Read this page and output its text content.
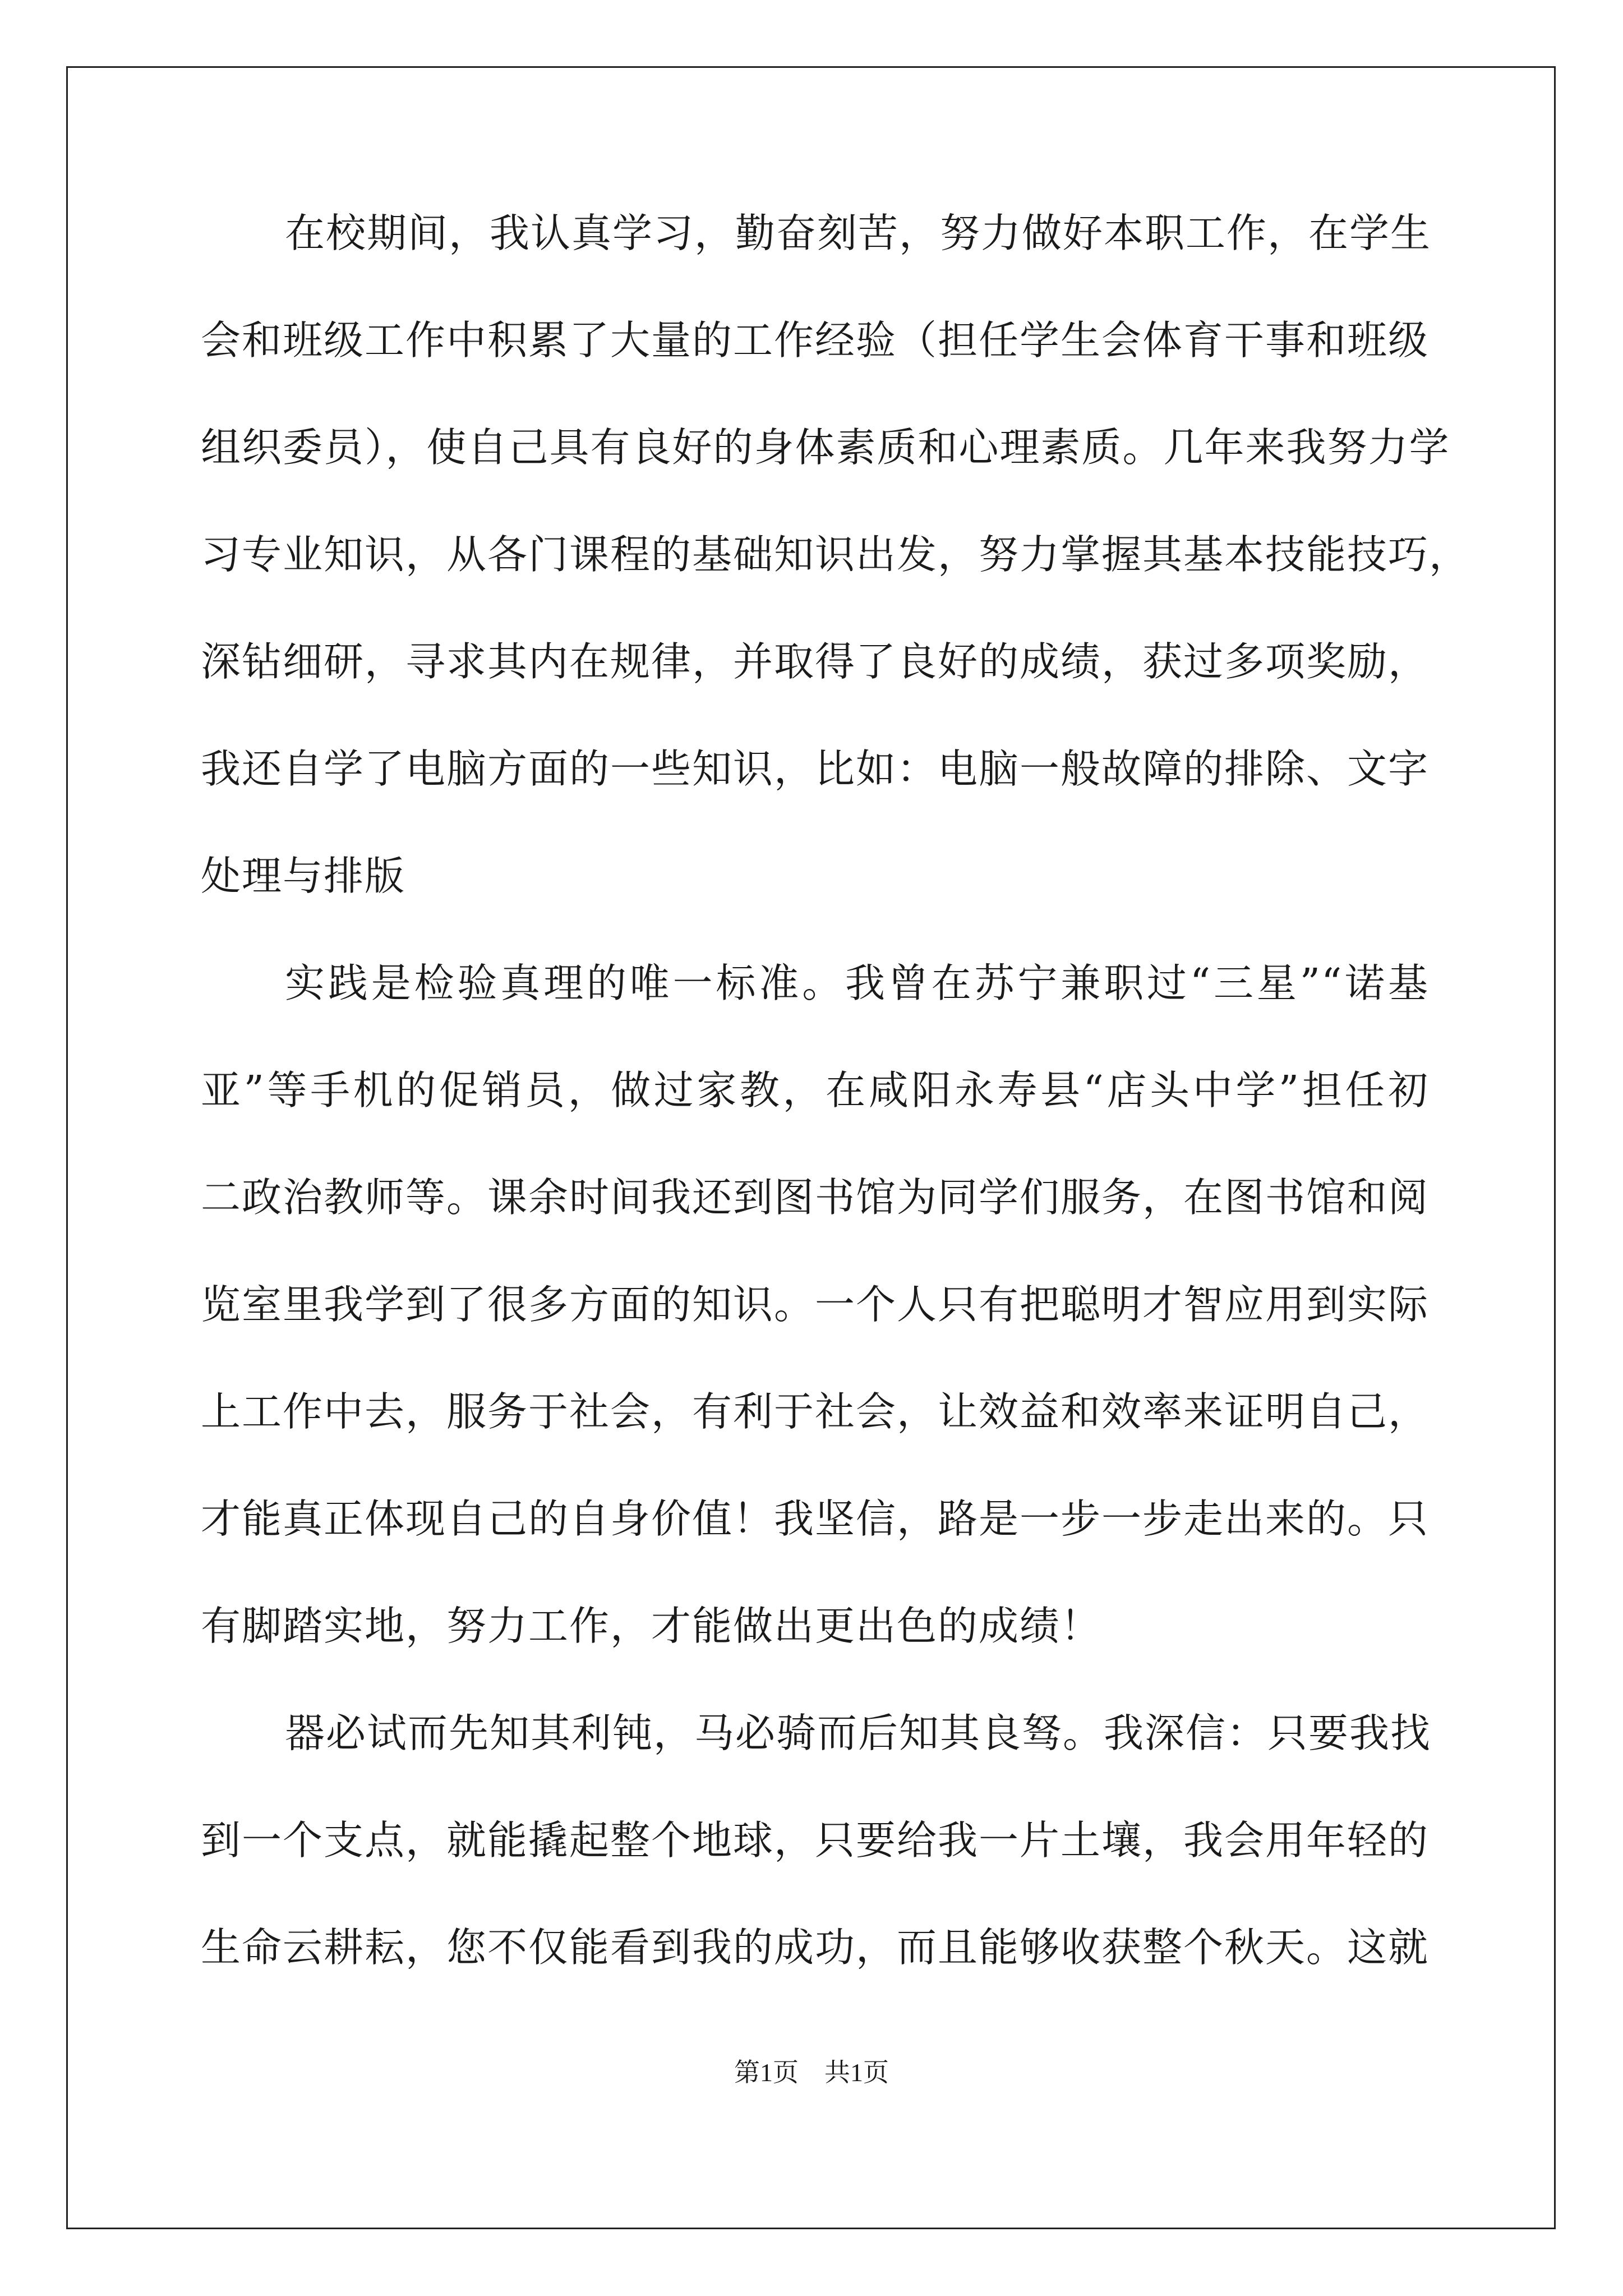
在校期间，我认真学习，勤奋刻苦，努力做好本职工作，在学生
会和班级工作中积累了大量的工作经验（担任学生会体育干事和班级
组织委员），使自己具有良好的身体素质和心理素质。几年来我努力学
习专业知识，从各门课程的基础知识出发，努力掌握其基本技能技巧，
深钻细研，寻求其内在规律，并取得了良好的成绩，获过多项奖励，
我还自学了电脑方面的一些知识，比如：电脑一般故障的排除、文字
处理与排版

实践是检验真理的唯一标准。我曾在苏宁兼职过“三星”“诺基
亚”等手机的促销员，做过家教，在咸阳永寿县“店头中学”担任初
二政治教师等。课余时间我还到图书馆为同学们服务，在图书馆和阅
览室里我学到了很多方面的知识。一个人只有把聪明才智应用到实际
上工作中去，服务于社会，有利于社会，让效益和效率来证明自己，
才能真正体现自己的自身价值！我坚信，路是一步一步走出来的。只
有脚踏实地，努力工作，才能做出更出色的成绩！

器必试而先知其利钝，马必骑而后知其良驽。我深信：只要我找
到一个支点，就能撬起整个地球，只要给我一片土壤，我会用年轻的
生命云耕耘，您不仅能看到我的成功，而且能够收获整个秋天。这就

第1页 共1页
